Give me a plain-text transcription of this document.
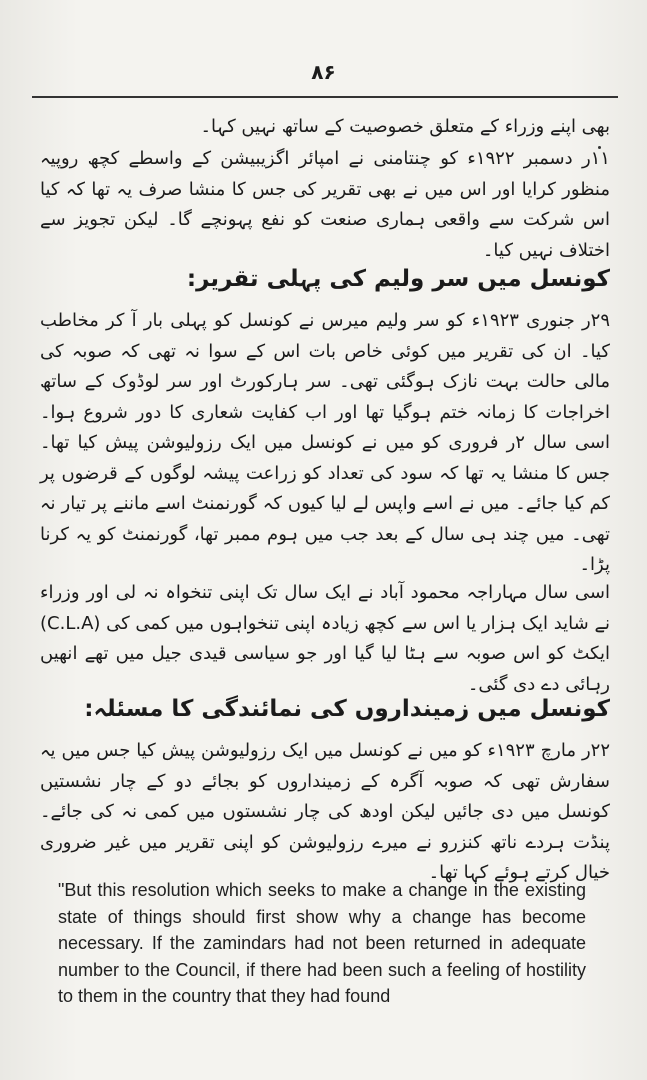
۸۶

بھی اپنے وزراء کے متعلق خصوصیت کے ساتھ نہیں کہا۔

۱۱ر دسمبر ۱۹۲۲ء کو چنتامنی نے امپائر اگزیبیشن کے واسطے کچھ روپیہ منظور کرایا اور اس میں نے بھی تقریر کی جس کا منشا صرف یہ تھا کہ کیا اس شرکت سے واقعی ہماری صنعت کو نفع پہونچے گا۔ لیکن تجویز سے اختلاف نہیں کیا۔

کونسل میں سر ولیم کی پہلی تقریر:

۲۹ر جنوری ۱۹۲۳ء کو سر ولیم میرس نے کونسل کو پہلی بار آ کر مخاطب کیا۔ ان کی تقریر میں کوئی خاص بات اس کے سوا نہ تھی کہ صوبہ کی مالی حالت بہت نازک ہوگئی تھی۔ سر ہارکورٹ اور سر لوڈوک کے ساتھ اخراجات کا زمانہ ختم ہوگیا تھا اور اب کفایت شعاری کا دور شروع ہوا۔ اسی سال ۲ر فروری کو میں نے کونسل میں ایک رزولیوشن پیش کیا تھا۔ جس کا منشا یہ تھا کہ سود کی تعداد کو زراعت پیشہ لوگوں کے قرضوں پر کم کیا جائے۔ میں نے اسے واپس لے لیا کیوں کہ گورنمنٹ اسے ماننے پر تیار نہ تھی۔ میں چند ہی سال کے بعد جب میں ہوم ممبر تھا، گورنمنٹ کو یہ کرنا پڑا۔

اسی سال مہاراجہ محمود آباد نے ایک سال تک اپنی تنخواہ نہ لی اور وزراء نے شاید ایک ہزار یا اس سے کچھ زیادہ اپنی تنخواہوں میں کمی کی (C.L.A) ایکٹ کو اس صوبہ سے ہٹا لیا گیا اور جو سیاسی قیدی جیل میں تھے انھیں رہائی دے دی گئی۔

کونسل میں زمینداروں کی نمائندگی کا مسئلہ:

۲۲ر مارچ ۱۹۲۳ء کو میں نے کونسل میں ایک رزولیوشن پیش کیا جس میں یہ سفارش تھی کہ صوبہ آگرہ کے زمینداروں کو بجائے دو کے چار نشستیں کونسل میں دی جائیں لیکن اودھ کی چار نشستوں میں کمی نہ کی جائے۔ پنڈت ہردے ناتھ کنزرو نے میرے رزولیوشن کو اپنی تقریر میں غیر ضروری خیال کرتے ہوئے کہا تھا۔

"But this resolution which seeks to make a change in the existing state of things should first show why a change has become necessary. If the zamindars had not been returned in adequate number to the Council, if there had been such a feeling of hostility to them in the country that they had found
